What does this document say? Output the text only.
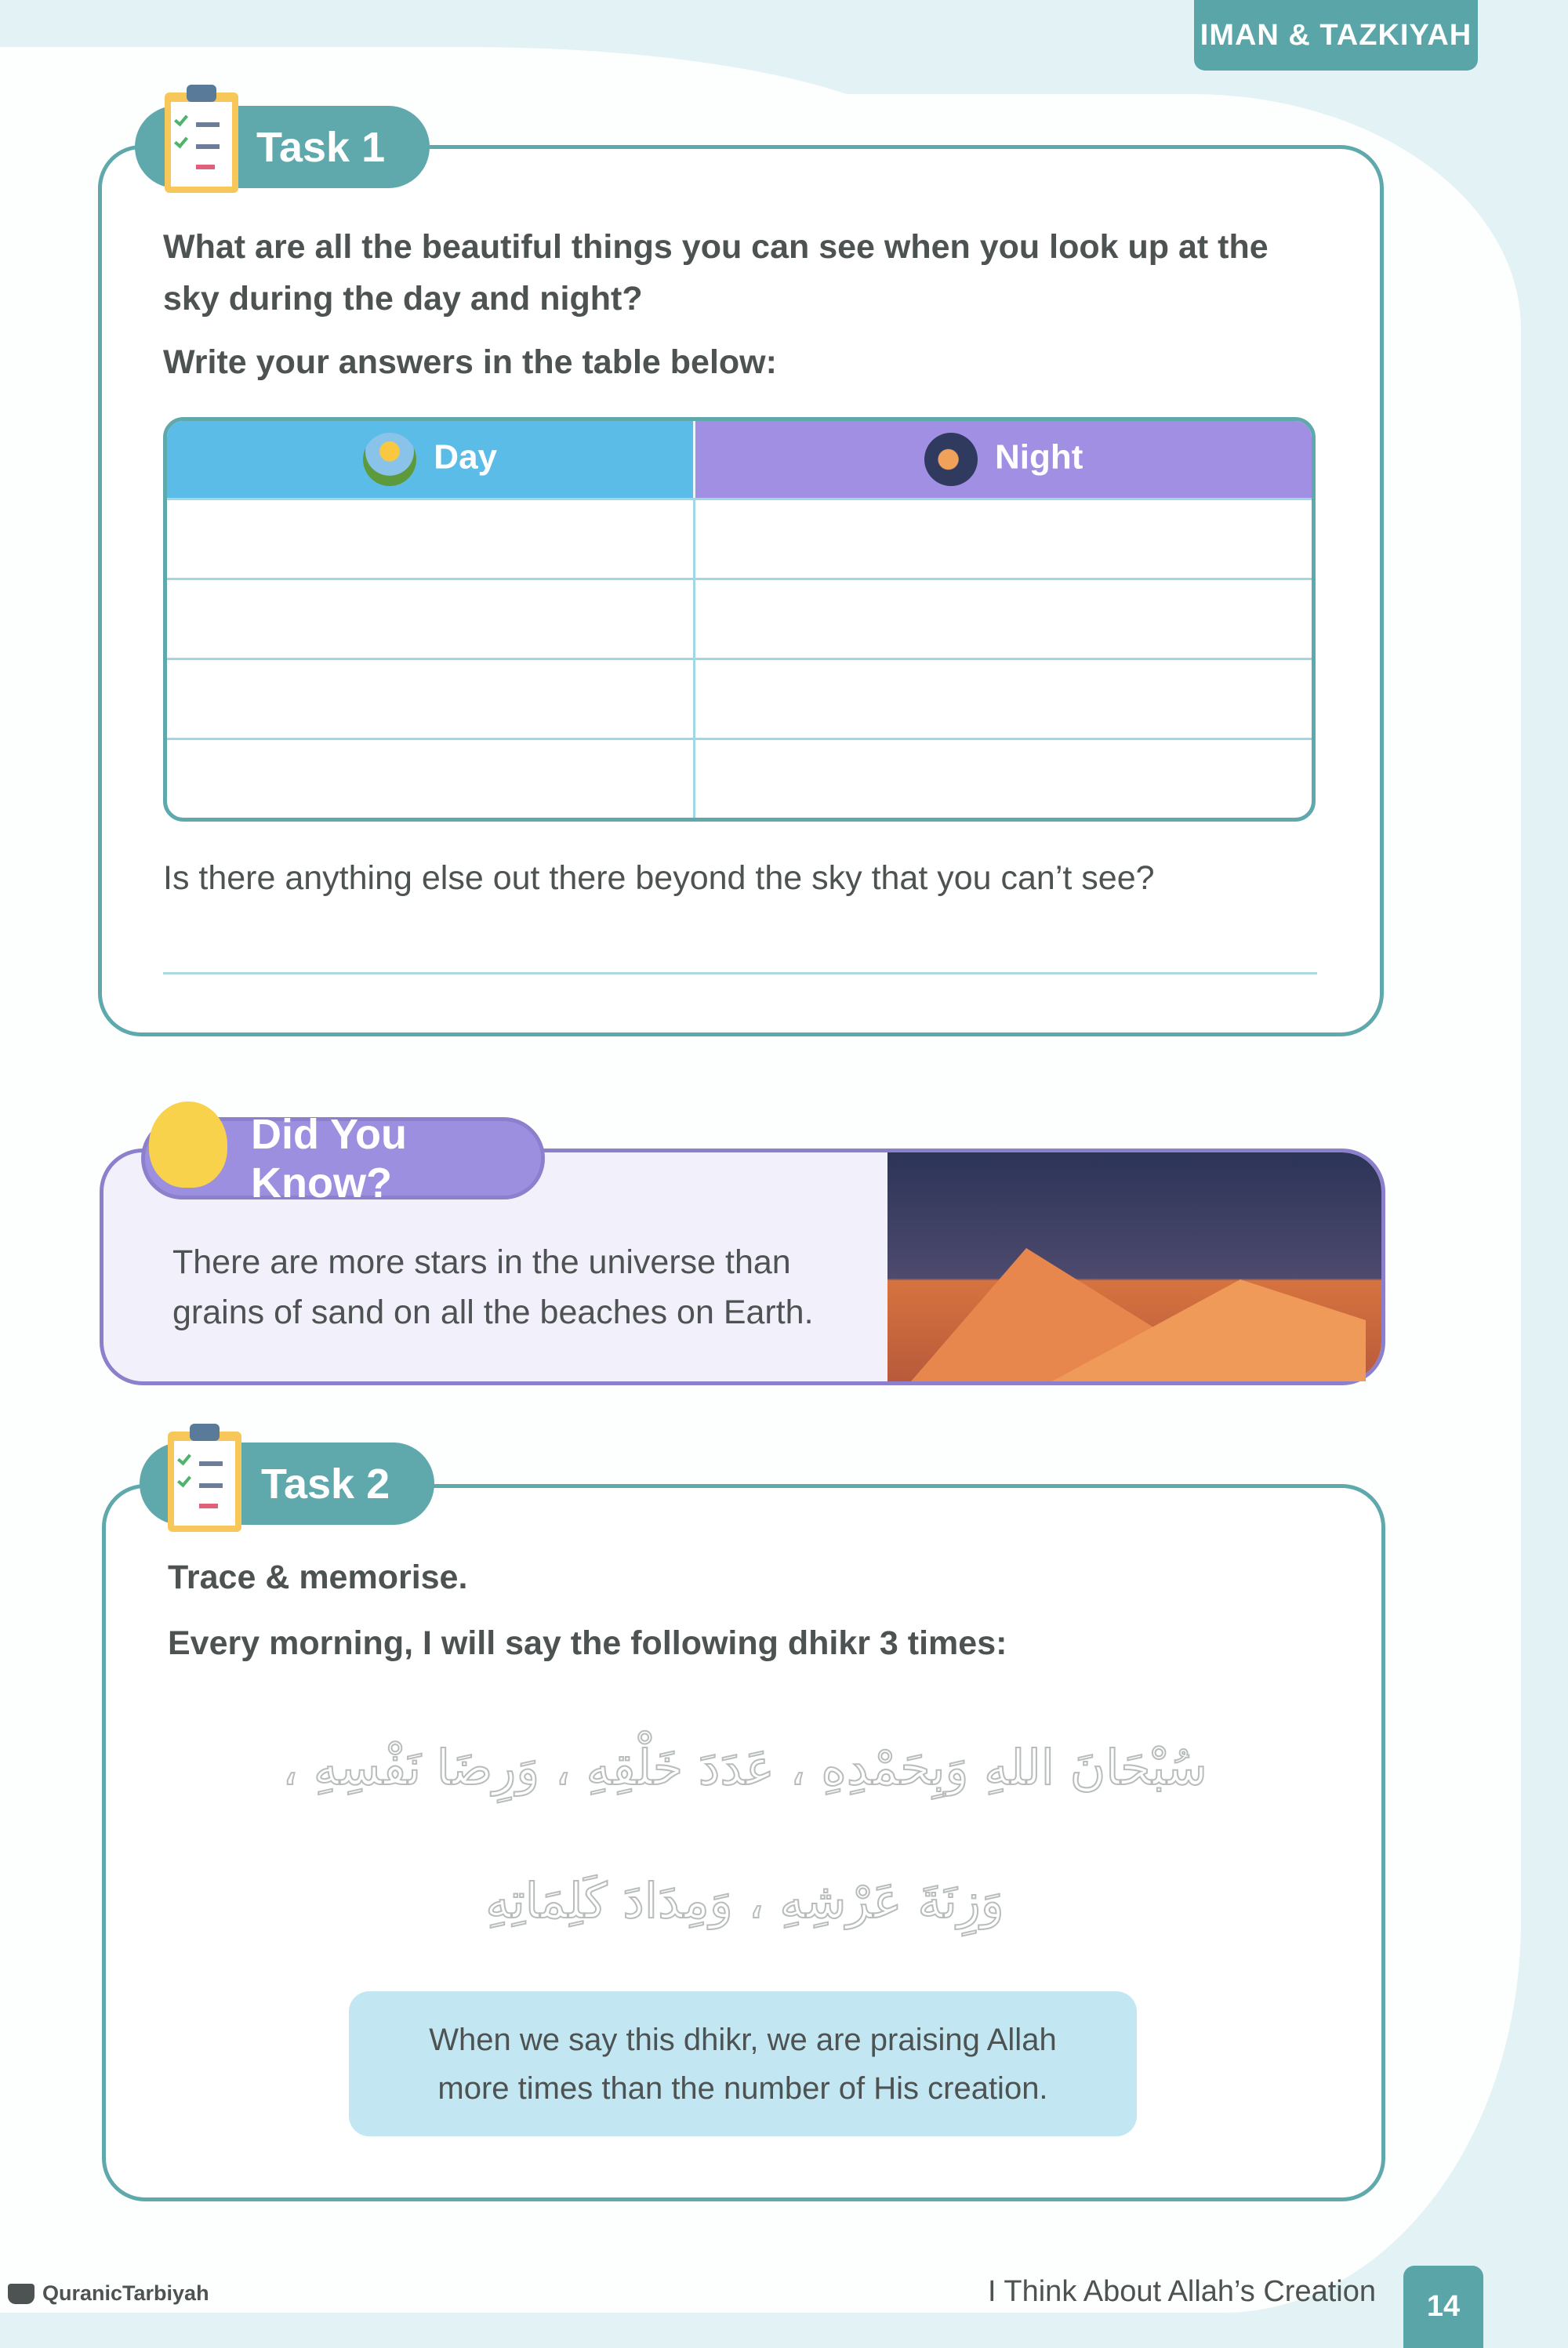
IMAN & TAZKIYAH
Task 1
What are all the beautiful things you can see when you look up at the sky during the day and night?
Write your answers in the table below:
Day	Night

Is there anything else out there beyond the sky that you can’t see?
There are more stars in the universe than
grains of sand on all the beaches on Earth.
Did You Know?
Task 2
Trace & memorise.
Every morning, I will say the following dhikr 3 times:
سُبْحَانَ اللهِ وَبِحَمْدِهِ ، عَدَدَ خَلْقِهِ ، وَرِضَا نَفْسِهِ ،
وَزِنَةَ عَرْشِهِ ، وَمِدَادَ كَلِمَاتِهِ
When we say this dhikr, we are praising Allah
more times than the number of His creation.
QuranicTarbiyah	I Think About Allah’s Creation	14
